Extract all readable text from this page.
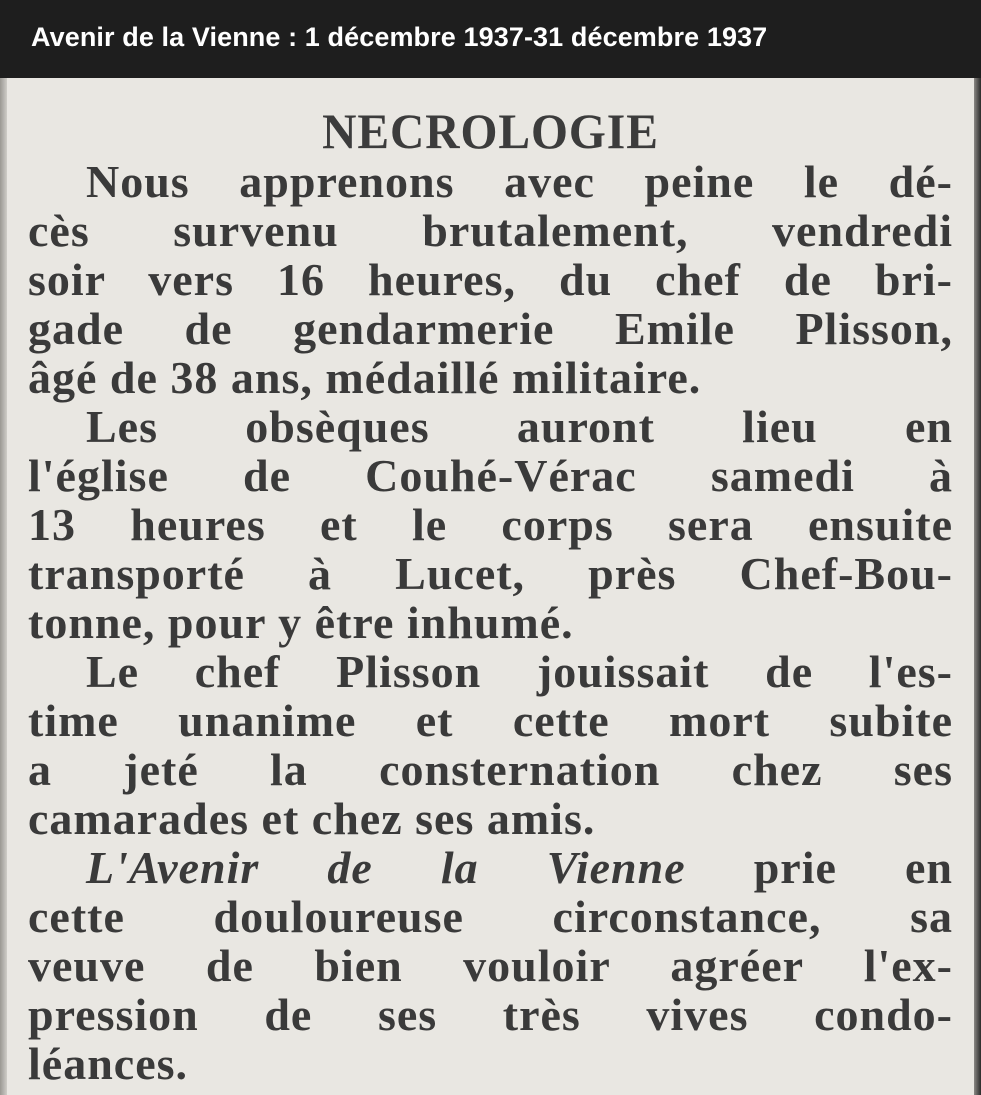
Avenir de la Vienne : 1 décembre 1937-31 décembre 1937
NECROLOGIE
Nous apprenons avec peine le dé-
cès survenu brutalement, vendredi
soir vers 16 heures, du chef de bri-
gade de gendarmerie Emile Plisson,
âgé de 38 ans, médaillé militaire.
Les obsèques auront lieu en
l'église de Couhé-Vérac samedi à
13 heures et le corps sera ensuite
transporté à Lucet, près Chef-Bou-
tonne, pour y être inhumé.
Le chef Plisson jouissait de l'es-
time unanime et cette mort subite
a jeté la consternation chez ses
camarades et chez ses amis.
L'Avenir de la Vienne prie en
cette douloureuse circonstance, sa
veuve de bien vouloir agréer l'ex-
pression de ses très vives condo-
léances.
